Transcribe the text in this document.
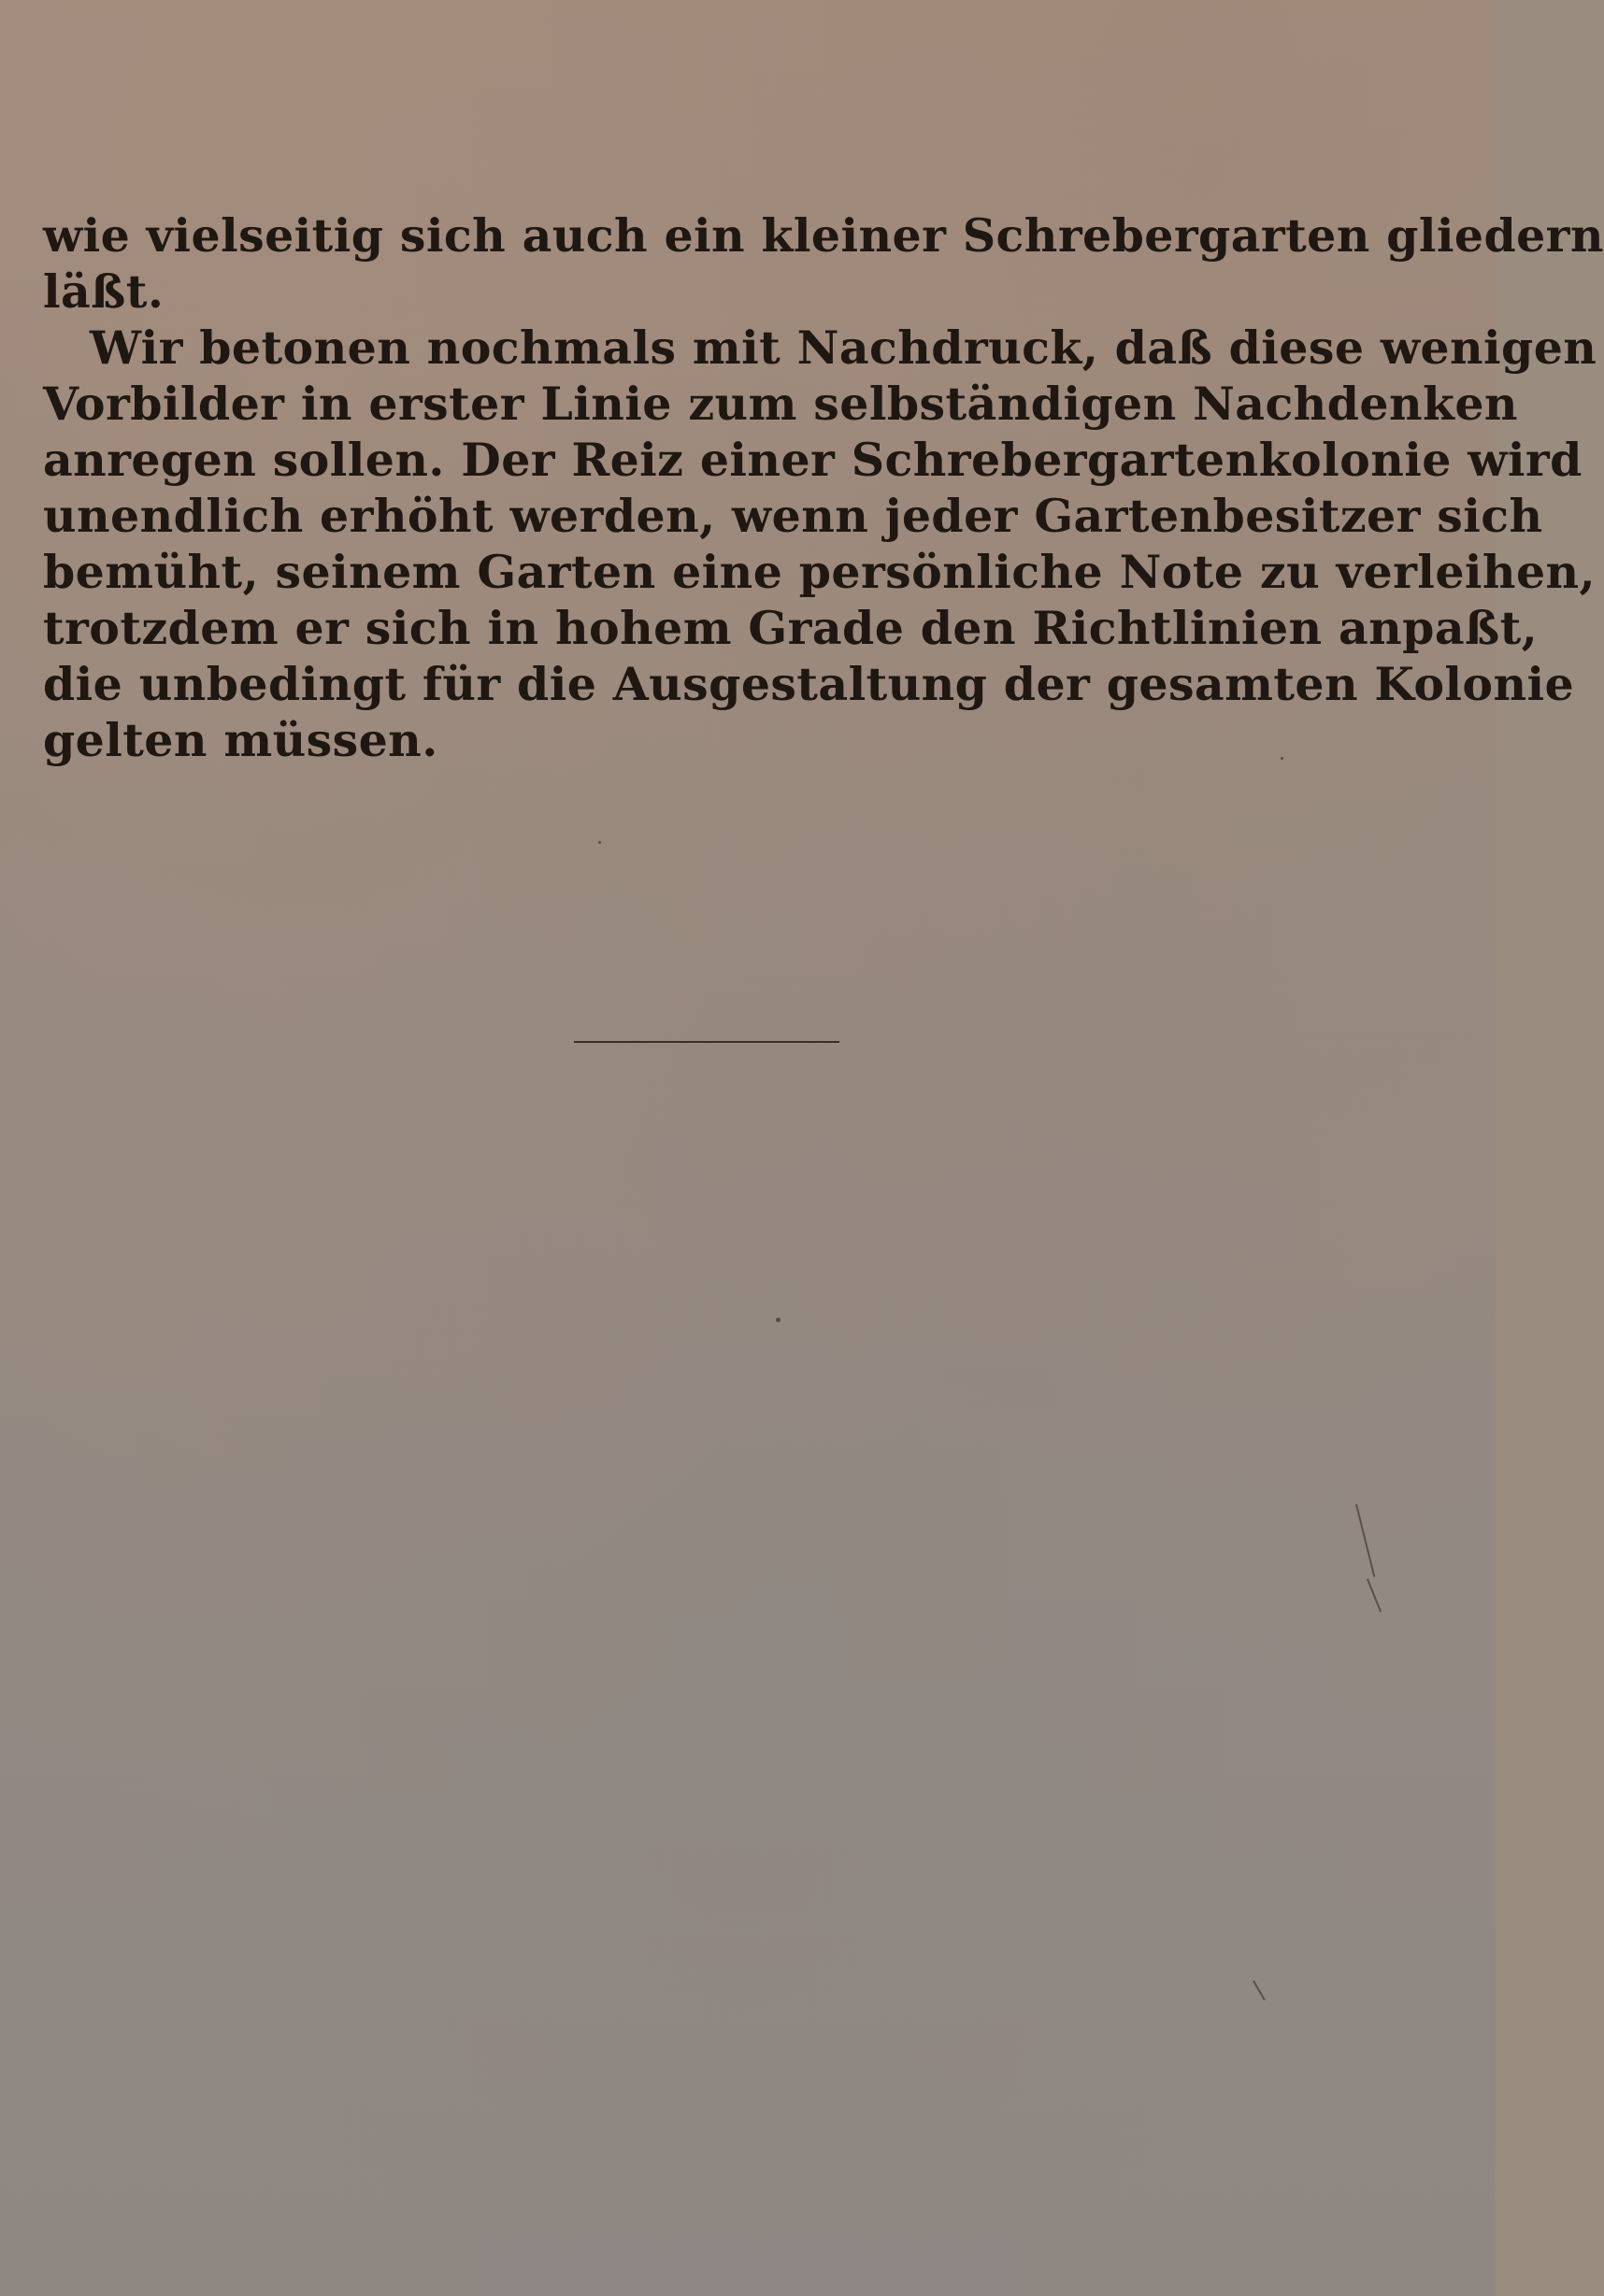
wie vielseitig sich auch ein kleiner Schrebergarten gliedern
läßt.
Wir betonen nochmals mit Nachdruck, daß diese wenigen
Vorbilder in erster Linie zum selbständigen Nachdenken
anregen sollen. Der Reiz einer Schrebergartenkolonie wird
unendlich erhöht werden, wenn jeder Gartenbesitzer sich
bemüht, seinem Garten eine persönliche Note zu verleihen,
trotzdem er sich in hohem Grade den Richtlinien anpaßt,
die unbedingt für die Ausgestaltung der gesamten Kolonie
gelten müssen.
